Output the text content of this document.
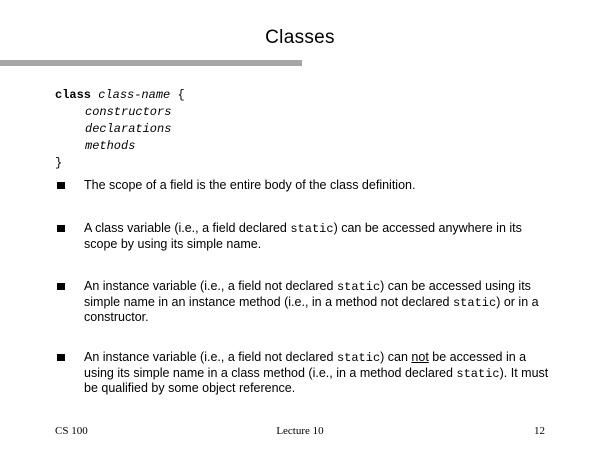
Classes
class class-name {
constructors
declarations
methods
}
The scope of a field is the entire body of the class definition.
A class variable (i.e., a field declared static) can be accessed anywhere in its scope by using its simple name.
An instance variable (i.e., a field not declared static) can be accessed using its simple name in an instance method (i.e., in a method not declared static) or in a constructor.
An instance variable (i.e., a field not declared static) can not be accessed in a using its simple name in a class method (i.e., in a method declared static). It must be qualified by some object reference.
CS 100	Lecture 10	12
